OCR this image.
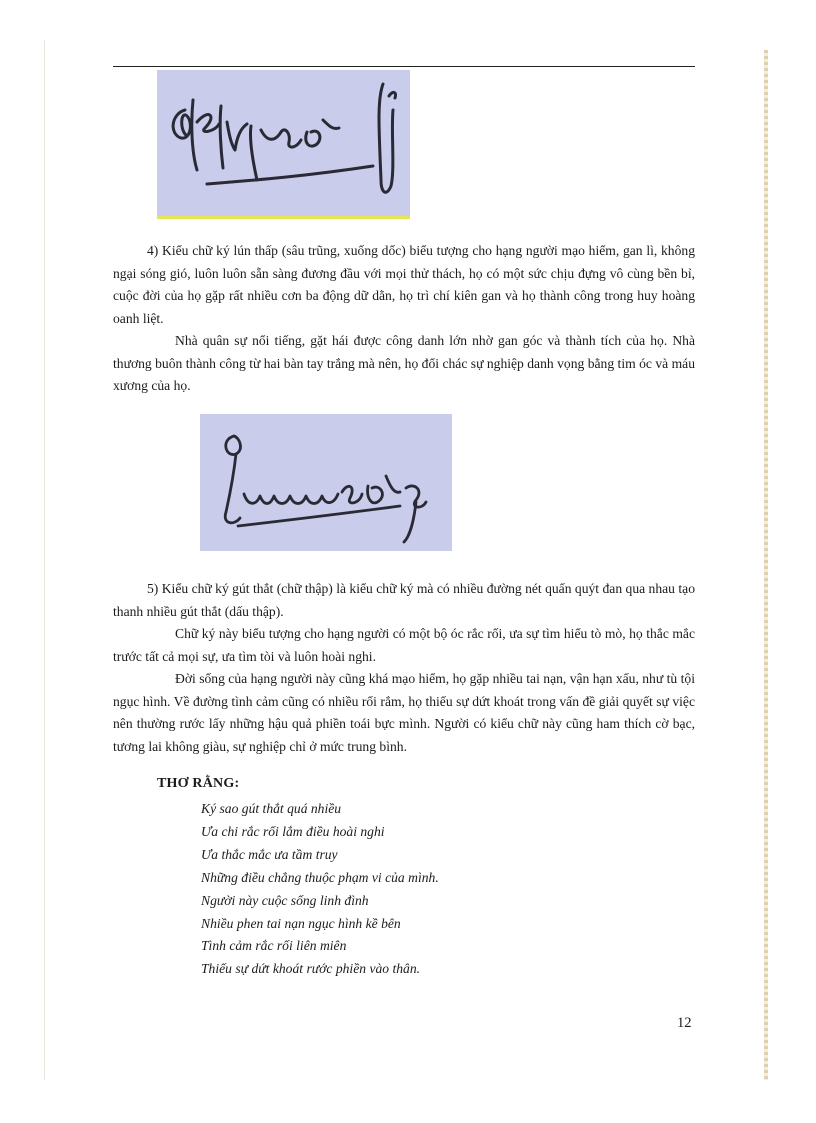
4) Kiểu chữ ký lún thấp (sâu trũng, xuống dốc) biểu tượng cho hạng người mạo hiểm, gan lì, không ngại sóng gió, luôn luôn sẵn sàng đương đầu với mọi thử thách, họ có một sức chịu đựng vô cùng bền bỉ, cuộc đời của họ gặp rất nhiều cơn ba động dữ dằn, họ trì chí kiên gan và họ thành công trong huy hoàng oanh liệt.

Nhà quân sự nổi tiếng, gặt hái được công danh lớn nhờ gan góc và thành tích của họ. Nhà thương buôn thành công từ hai bàn tay trắng mà nên, họ đổi chác sự nghiệp danh vọng bằng tim óc và máu xương của họ.

5) Kiểu chữ ký gút thắt (chữ thập) là kiểu chữ ký mà có nhiều đường nét quấn quýt đan qua nhau tạo thanh nhiều gút thắt (dấu thập).

Chữ ký này biểu tượng cho hạng người có một bộ óc rắc rối, ưa sự tìm hiểu tò mò, họ thắc mắc trước tất cả mọi sự, ưa tìm tòi và luôn hoài nghi.

Đời sống của hạng người này cũng khá mạo hiểm, họ gặp nhiều tai nạn, vận hạn xấu, như tù tội ngục hình. Về đường tình cảm cũng có nhiều rối rắm, họ thiếu sự dứt khoát trong vấn đề giải quyết sự việc nên thường rước lấy những hậu quả phiền toái bực mình. Người có kiểu chữ này cũng ham thích cờ bạc, tương lai không giàu, sự nghiệp chỉ ở mức trung bình.

THƠ RẰNG:
Ký sao gút thắt quá nhiều
Ưa chi rắc rối lắm điều hoài nghi
Ưa thắc mắc ưa tầm truy
Những điều chẳng thuộc phạm vi của mình.
Người này cuộc sống linh đình
Nhiều phen tai nạn ngục hình kề bên
Tình cảm rắc rối liên miên
Thiếu sự dứt khoát rước phiền vào thân.
12
